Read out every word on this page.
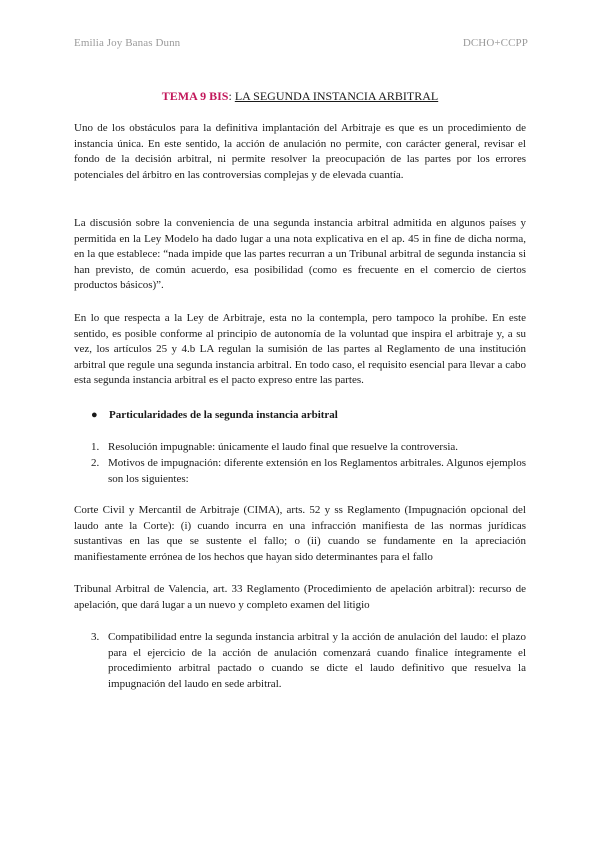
Emilia Joy Banas Dunn	DCHO+CCPP
TEMA 9 BIS: LA SEGUNDA INSTANCIA ARBITRAL

Uno de los obstáculos para la definitiva implantación del Arbitraje es que es un procedimiento de instancia única. En este sentido, la acción de anulación no permite, con carácter general, revisar el fondo de la decisión arbitral, ni permite resolver la preocupación de las partes por los errores potenciales del árbitro en las controversias complejas y de elevada cuantía.

La discusión sobre la conveniencia de una segunda instancia arbitral admitida en algunos países y permitida en la Ley Modelo ha dado lugar a una nota explicativa en el ap. 45 in fine de dicha norma, en la que establece: “nada impide que las partes recurran a un Tribunal arbitral de segunda instancia si han previsto, de común acuerdo, esa posibilidad (como es frecuente en el comercio de ciertos productos básicos)”.

En lo que respecta a la Ley de Arbitraje, esta no la contempla, pero tampoco la prohíbe. En este sentido, es posible conforme al principio de autonomía de la voluntad que inspira el arbitraje y, a su vez, los artículos 25 y 4.b LA regulan la sumisión de las partes al Reglamento de una institución arbitral que regule una segunda instancia arbitral. En todo caso, el requisito esencial para llevar a cabo esta segunda instancia arbitral es el pacto expreso entre las partes.

● Particularidades de la segunda instancia arbitral
1. Resolución impugnable: únicamente el laudo final que resuelve la controversia.
2. Motivos de impugnación: diferente extensión en los Reglamentos arbitrales. Algunos ejemplos son los siguientes:

Corte Civil y Mercantil de Arbitraje (CIMA), arts. 52 y ss Reglamento (Impugnación opcional del laudo ante la Corte): (i) cuando incurra en una infracción manifiesta de las normas jurídicas sustantivas en las que se sustente el fallo; o (ii) cuando se fundamente en la apreciación manifiestamente errónea de los hechos que hayan sido determinantes para el fallo

Tribunal Arbitral de Valencia, art. 33 Reglamento (Procedimiento de apelación arbitral): recurso de apelación, que dará lugar a un nuevo y completo examen del litigio

3. Compatibilidad entre la segunda instancia arbitral y la acción de anulación del laudo: el plazo para el ejercicio de la acción de anulación comenzará cuando finalice íntegramente el procedimiento arbitral pactado o cuando se dicte el laudo definitivo que resuelva la impugnación del laudo en sede arbitral.
